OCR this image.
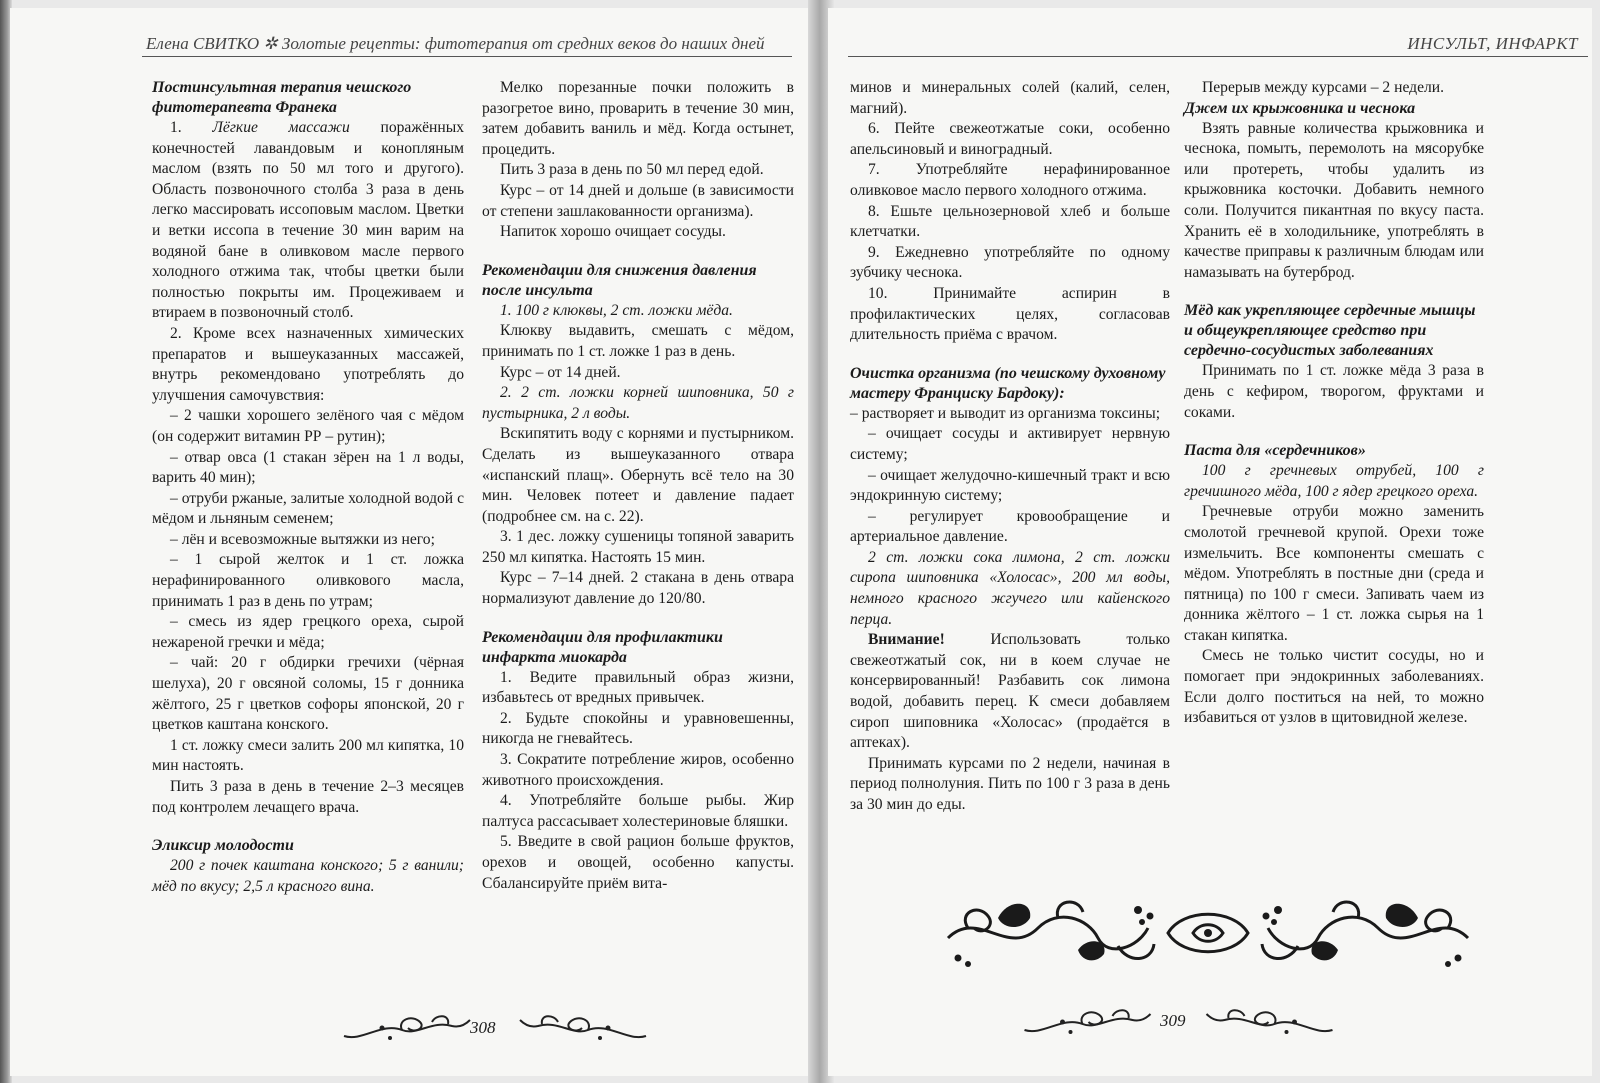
Елена СВИТКО ✲ Золотые рецепты: фитотерапия от средних веков до наших дней
Постинсультная терапия чешского фитотерапевта Франека

1. Лёгкие массажи поражённых конечностей лавандовым и конопляным маслом (взять по 50 мл того и другого). Область позвоночного столба 3 раза в день легко массировать иссоповым маслом. Цветки и ветки иссопа в течение 30 мин варим на водяной бане в оливковом масле первого холодного отжима так, чтобы цветки были полностью покрыты им. Процеживаем и втираем в позвоночный столб.

2. Кроме всех назначенных химических препаратов и вышеуказанных массажей, внутрь рекомендовано употреблять до улучшения самочувствия:

– 2 чашки хорошего зелёного чая с мёдом (он содержит витамин РР – рутин);

– отвар овса (1 стакан зёрен на 1 л воды, варить 40 мин);

– отруби ржаные, залитые холодной водой с мёдом и льняным семенем;

– лён и всевозможные вытяжки из него;

– 1 сырой желток и 1 ст. ложка нерафинированного оливкового масла, принимать 1 раз в день по утрам;

– смесь из ядер грецкого ореха, сырой нежареной гречки и мёда;

– чай: 20 г обдирки гречихи (чёрная шелуха), 20 г овсяной соломы, 15 г донника жёлтого, 25 г цветков софоры японской, 20 г цветков каштана конского.

1 ст. ложку смеси залить 200 мл кипятка, 10 мин настоять.

Пить 3 раза в день в течение 2–3 месяцев под контролем лечащего врача.

Эликсир молодости

200 г почек каштана конского; 5 г ванили; мёд по вкусу; 2,5 л красного вина.

Мелко порезанные почки положить в разогретое вино, проварить в течение 30 мин, затем добавить ваниль и мёд. Когда остынет, процедить.

Пить 3 раза в день по 50 мл перед едой.

Курс – от 14 дней и дольше (в зависимости от степени зашлакованности организма).

Напиток хорошо очищает сосуды.

Рекомендации для снижения давления после инсульта

1. 100 г клюквы, 2 ст. ложки мёда.

Клюкву выдавить, смешать с мёдом, принимать по 1 ст. ложке 1 раз в день.

Курс – от 14 дней.

2. 2 ст. ложки корней шиповника, 50 г пустырника, 2 л воды.

Вскипятить воду с корнями и пустырником. Сделать из вышеуказанного отвара «испанский плащ». Обернуть всё тело на 30 мин. Человек потеет и давление падает (подробнее см. на с. 22).

3. 1 дес. ложку сушеницы топяной заварить 250 мл кипятка. Настоять 15 мин.

Курс – 7–14 дней. 2 стакана в день отвара нормализуют давление до 120/80.

Рекомендации для профилактики инфаркта миокарда

1. Ведите правильный образ жизни, избавьтесь от вредных привычек.

2. Будьте спокойны и уравновешенны, никогда не гневайтесь.

3. Сократите потребление жиров, особенно животного происхождения.

4. Употребляйте больше рыбы. Жир палтуса рассасывает холестериновые бляшки.

5. Введите в свой рацион больше фруктов, орехов и овощей, особенно капусты. Сбалансируйте приём вита-

308
ИНСУЛЬТ, ИНФАРКТ

минов и минеральных солей (калий, селен, магний).

6. Пейте свежеотжатые соки, особенно апельсиновый и виноградный.

7. Употребляйте нерафинированное оливковое масло первого холодного отжима.

8. Ешьте цельнозерновой хлеб и больше клетчатки.

9. Ежедневно употребляйте по одному зубчику чеснока.

10. Принимайте аспирин в профилактических целях, согласовав длительность приёма с врачом.

Очистка организма (по чешскому духовному мастеру Франциску Бардоку):

– растворяет и выводит из организма токсины;

– очищает сосуды и активирует нервную систему;

– очищает желудочно-кишечный тракт и всю эндокринную систему;

– регулирует кровообращение и артериальное давление.

2 ст. ложки сока лимона, 2 ст. ложки сиропа шиповника «Холосас», 200 мл воды, немного красного жгучего или кайенского перца.

Внимание! Использовать только свежеотжатый сок, ни в коем случае не консервированный! Разбавить сок лимона водой, добавить перец. К смеси добавляем сироп шиповника «Холосас» (продаётся в аптеках).

Принимать курсами по 2 недели, начиная в период полнолуния. Пить по 100 г 3 раза в день за 30 мин до еды.

Перерыв между курсами – 2 недели.

Джем их крыжовника и чеснока

Взять равные количества крыжовника и чеснока, помыть, перемолоть на мясорубке или протереть, чтобы удалить из крыжовника косточки. Добавить немного соли. Получится пикантная по вкусу паста. Хранить её в холодильнике, употреблять в качестве приправы к различным блюдам или намазывать на бутерброд.

Мёд как укрепляющее сердечные мышцы и общеукрепляющее средство при сердечно-сосудистых заболеваниях

Принимать по 1 ст. ложке мёда 3 раза в день с кефиром, творогом, фруктами и соками.

Паста для «сердечников»

100 г гречневых отрубей, 100 г гречишного мёда, 100 г ядер грецкого ореха.

Гречневые отруби можно заменить смолотой гречневой крупой. Орехи тоже измельчить. Все компоненты смешать с мёдом. Употреблять в постные дни (среда и пятница) по 100 г смеси. Запивать чаем из донника жёлтого – 1 ст. ложка сырья на 1 стакан кипятка.

Смесь не только чистит сосуды, но и помогает при эндокринных заболеваниях. Если долго поститься на ней, то можно избавиться от узлов в щитовидной железе.

309
